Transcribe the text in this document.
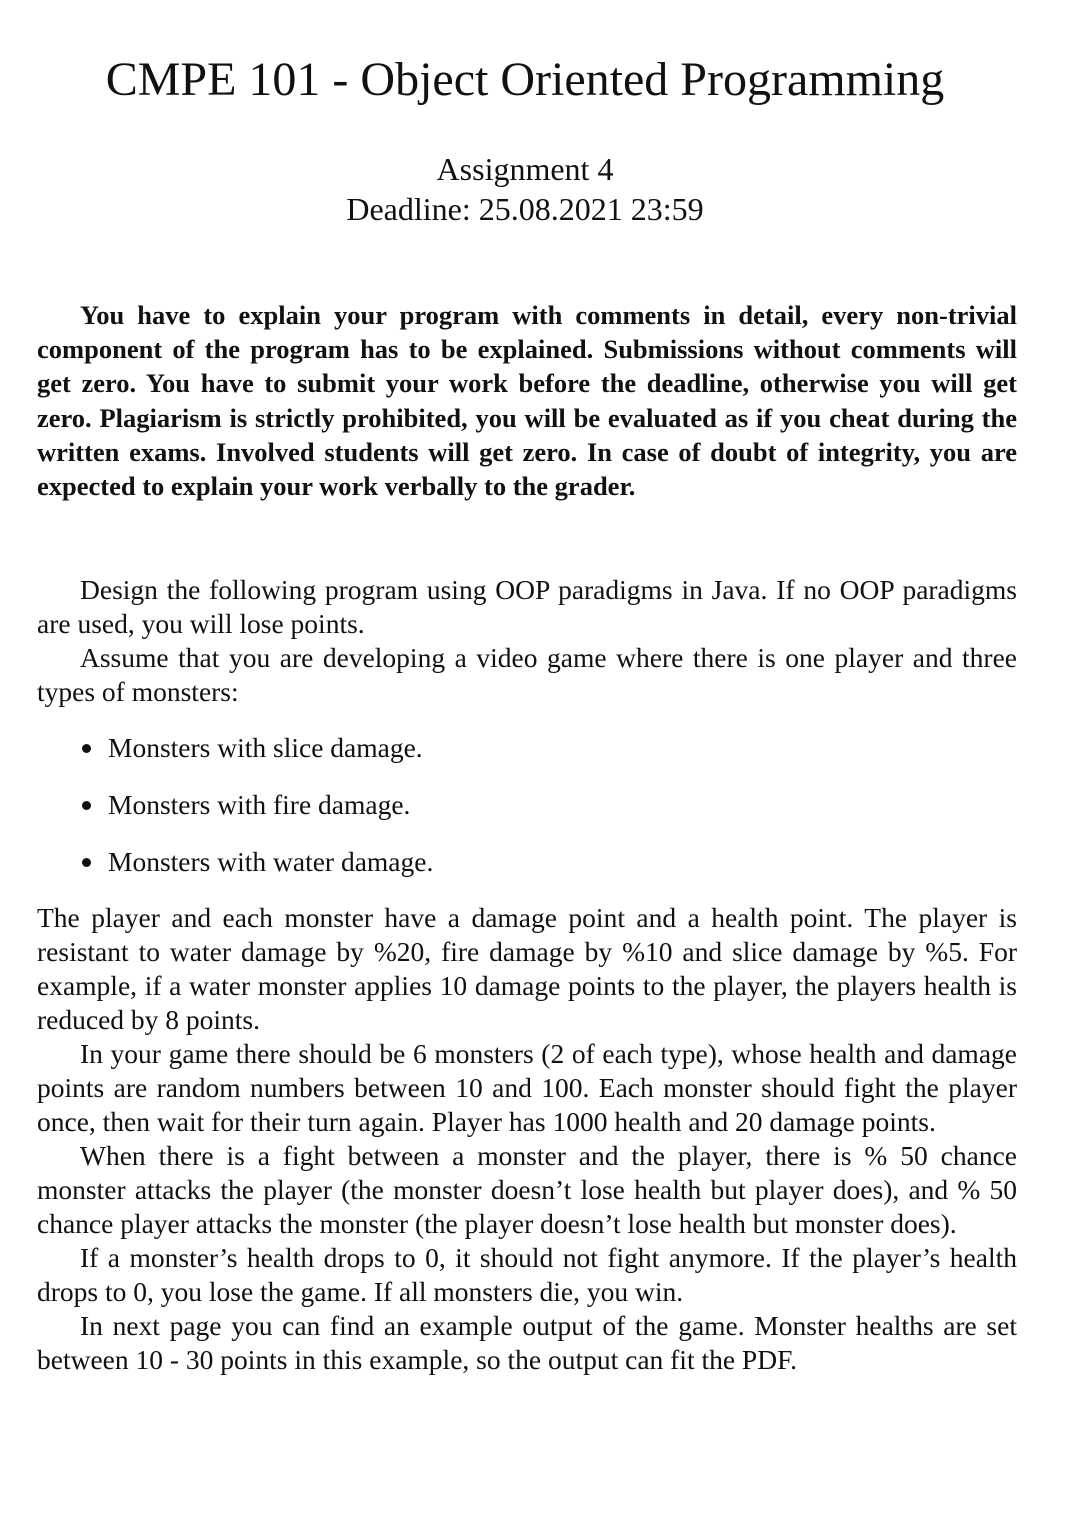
CMPE 101 - Object Oriented Programming
Assignment 4
Deadline: 25.08.2021 23:59

You have to explain your program with comments in detail, every non-trivial component of the program has to be explained. Submissions without comments will get zero. You have to submit your work before the deadline, otherwise you will get zero. Plagiarism is strictly prohibited, you will be evaluated as if you cheat during the written exams. Involved students will get zero. In case of doubt of integrity, you are expected to explain your work verbally to the grader.

Design the following program using OOP paradigms in Java. If no OOP paradigms are used, you will lose points.

Assume that you are developing a video game where there is one player and three types of monsters:

Monsters with slice damage.
Monsters with fire damage.
Monsters with water damage.

The player and each monster have a damage point and a health point. The player is resistant to water damage by %20, fire damage by %10 and slice damage by %5. For example, if a water monster applies 10 damage points to the player, the players health is reduced by 8 points.

In your game there should be 6 monsters (2 of each type), whose health and damage points are random numbers between 10 and 100. Each monster should fight the player once, then wait for their turn again. Player has 1000 health and 20 damage points.

When there is a fight between a monster and the player, there is % 50 chance monster attacks the player (the monster doesn’t lose health but player does), and % 50 chance player attacks the monster (the player doesn’t lose health but monster does).

If a monster’s health drops to 0, it should not fight anymore. If the player’s health drops to 0, you lose the game. If all monsters die, you win.

In next page you can find an example output of the game. Monster healths are set between 10 - 30 points in this example, so the output can fit the PDF.
